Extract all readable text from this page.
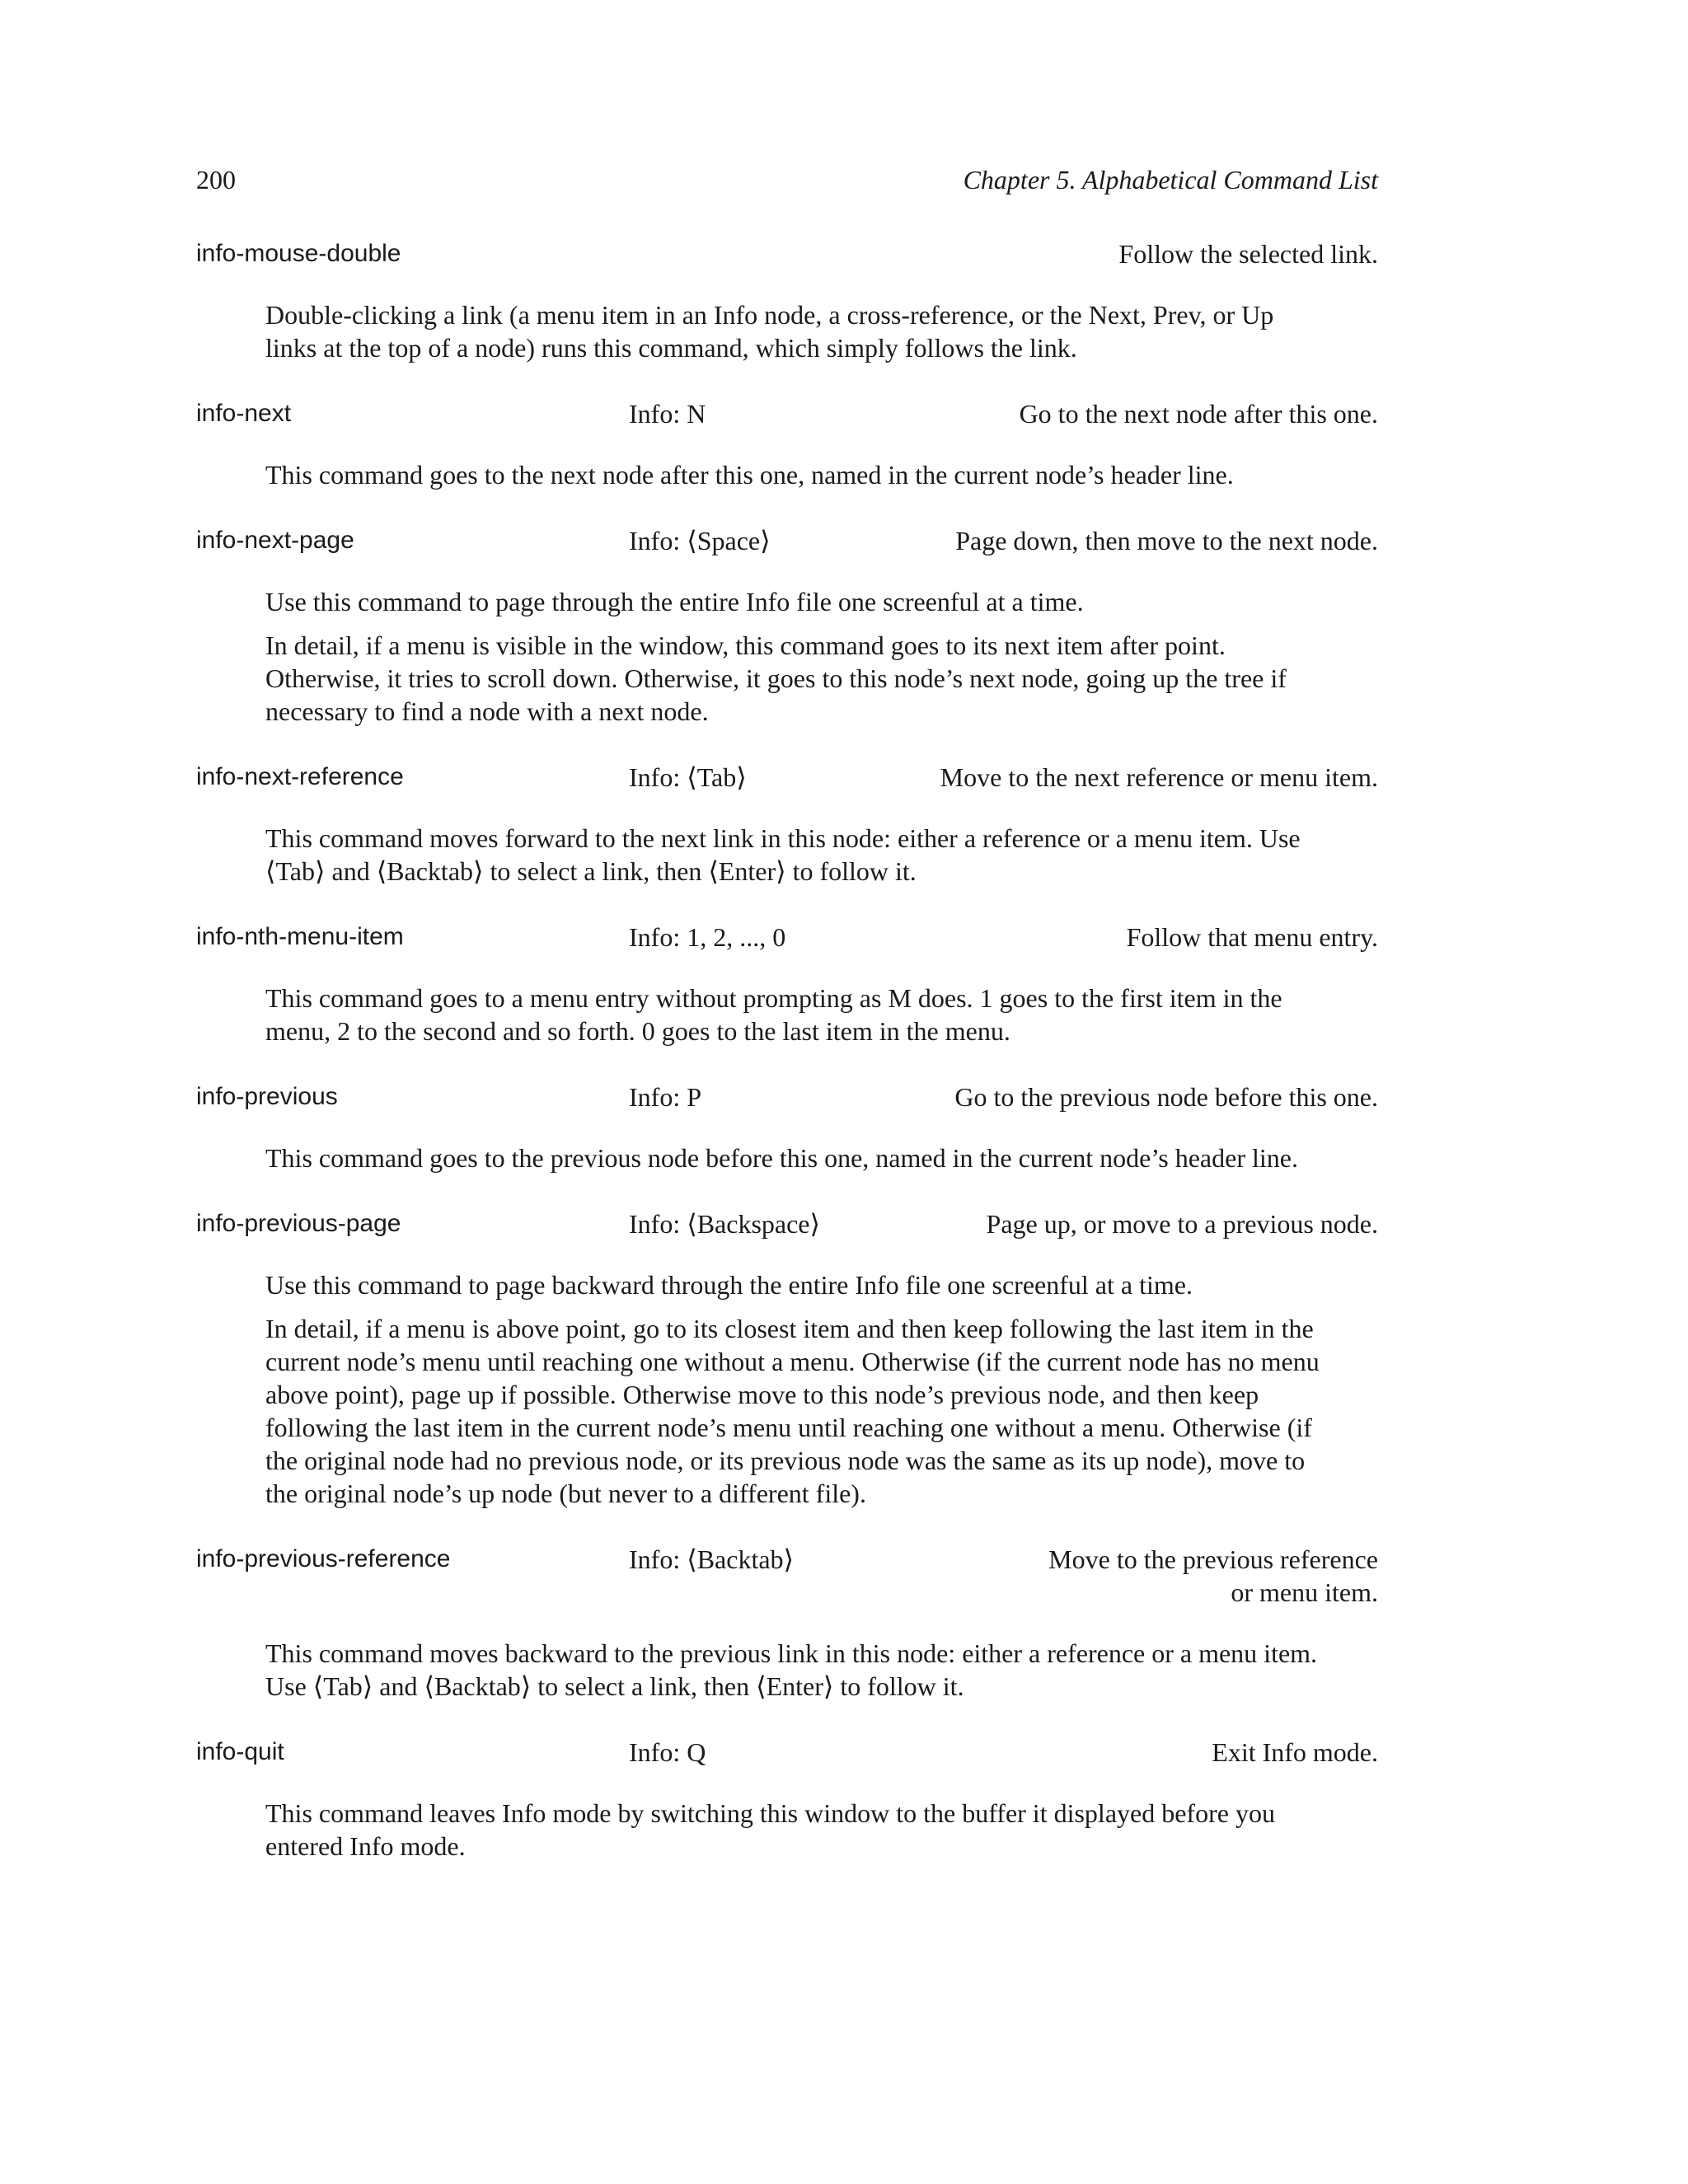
200	Chapter 5. Alphabetical Command List
info-mouse-double	Follow the selected link.

Double-clicking a link (a menu item in an Info node, a cross-reference, or the Next, Prev, or Up links at the top of a node) runs this command, which simply follows the link.

info-next	Info: N	Go to the next node after this one.

This command goes to the next node after this one, named in the current node’s header line.

info-next-page	Info: ⟨Space⟩	Page down, then move to the next node.

Use this command to page through the entire Info file one screenful at a time.

In detail, if a menu is visible in the window, this command goes to its next item after point. Otherwise, it tries to scroll down. Otherwise, it goes to this node’s next node, going up the tree if necessary to find a node with a next node.

info-next-reference	Info: ⟨Tab⟩	Move to the next reference or menu item.

This command moves forward to the next link in this node: either a reference or a menu item. Use ⟨Tab⟩ and ⟨Backtab⟩ to select a link, then ⟨Enter⟩ to follow it.

info-nth-menu-item	Info: 1, 2, ..., 0	Follow that menu entry.

This command goes to a menu entry without prompting as M does. 1 goes to the first item in the menu, 2 to the second and so forth. 0 goes to the last item in the menu.

info-previous	Info: P	Go to the previous node before this one.

This command goes to the previous node before this one, named in the current node’s header line.

info-previous-page	Info: ⟨Backspace⟩	Page up, or move to a previous node.

Use this command to page backward through the entire Info file one screenful at a time.

In detail, if a menu is above point, go to its closest item and then keep following the last item in the current node’s menu until reaching one without a menu. Otherwise (if the current node has no menu above point), page up if possible. Otherwise move to this node’s previous node, and then keep following the last item in the current node’s menu until reaching one without a menu. Otherwise (if the original node had no previous node, or its previous node was the same as its up node), move to the original node’s up node (but never to a different file).

info-previous-reference	Info: ⟨Backtab⟩	Move to the previous reference or menu item.

This command moves backward to the previous link in this node: either a reference or a menu item. Use ⟨Tab⟩ and ⟨Backtab⟩ to select a link, then ⟨Enter⟩ to follow it.

info-quit	Info: Q	Exit Info mode.

This command leaves Info mode by switching this window to the buffer it displayed before you entered Info mode.
